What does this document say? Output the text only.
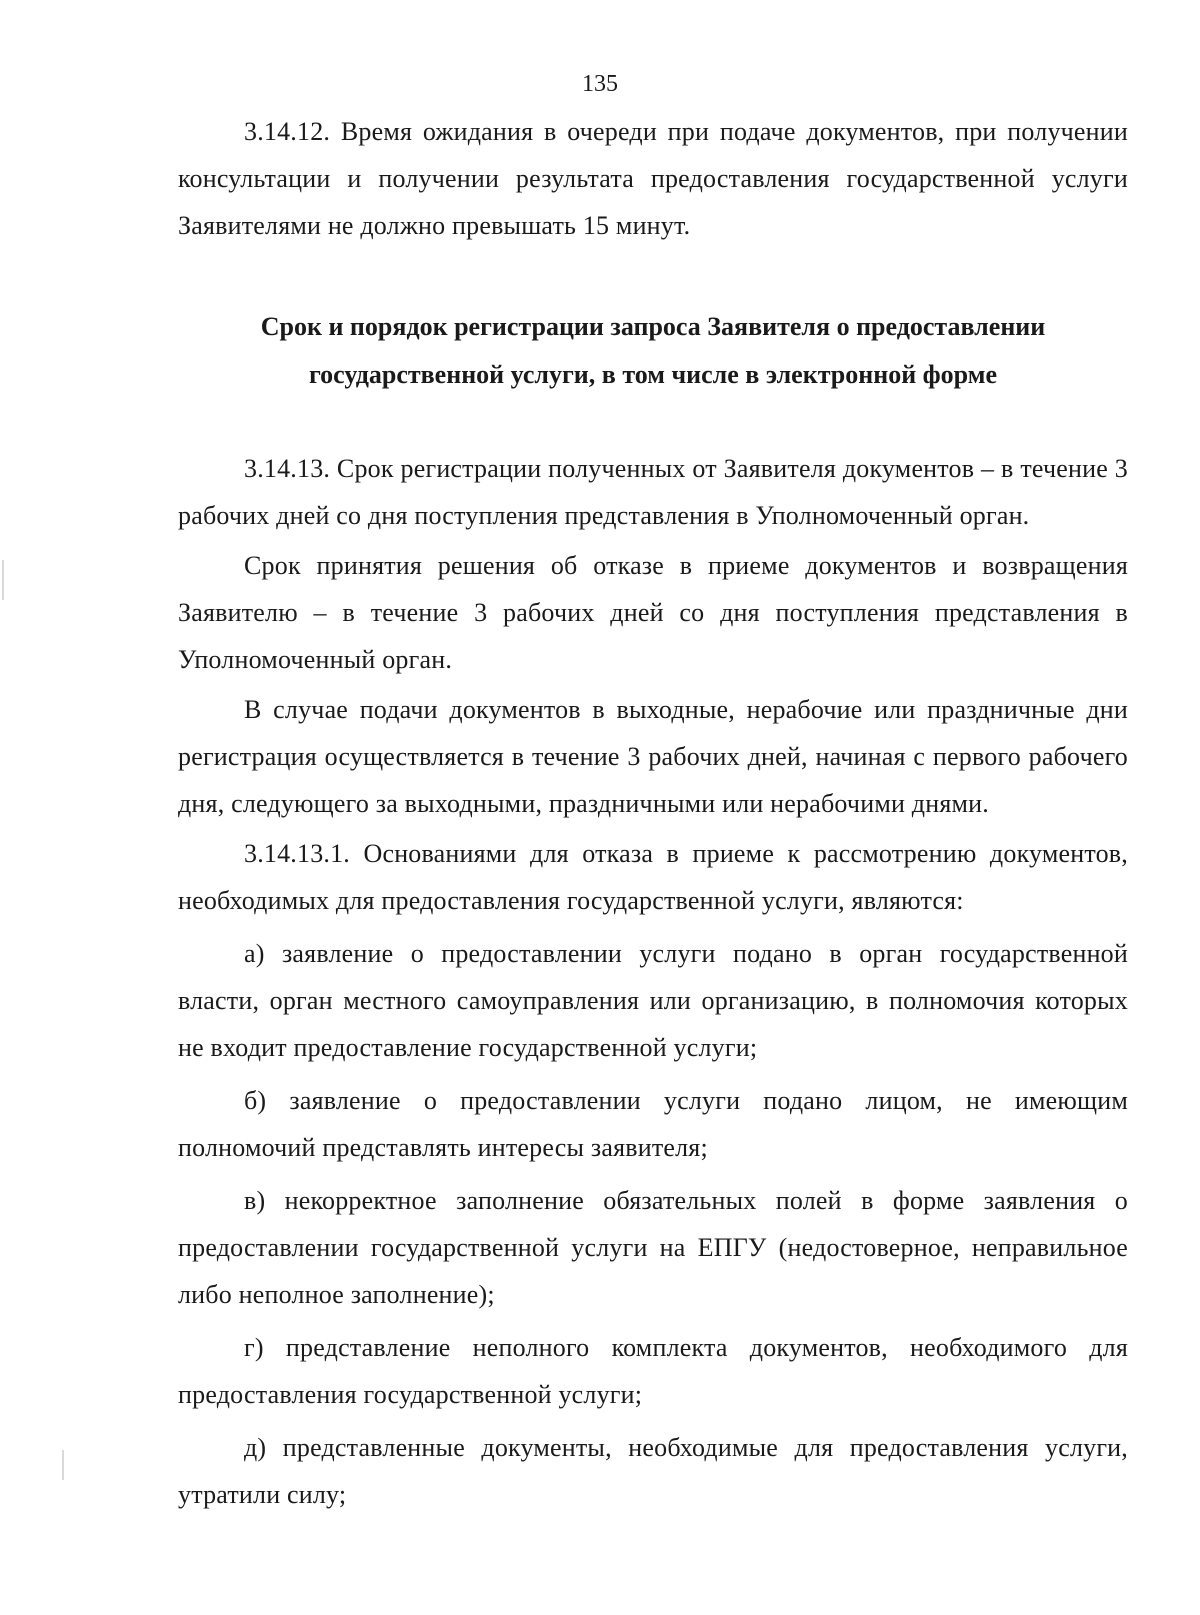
135

3.14.12. Время ожидания в очереди при подаче документов, при получении консультации и получении результата предоставления государственной услуги Заявителями не должно превышать 15 минут.

Срок и порядок регистрации запроса Заявителя о предоставлении
государственной услуги, в том числе в электронной форме

3.14.13. Срок регистрации полученных от Заявителя документов – в течение 3 рабочих дней со дня поступления представления в Уполномоченный орган.

Срок принятия решения об отказе в приеме документов и возвращения Заявителю – в течение 3 рабочих дней со дня поступления представления в Уполномоченный орган.

В случае подачи документов в выходные, нерабочие или праздничные дни регистрация осуществляется в течение 3 рабочих дней, начиная с первого рабочего дня, следующего за выходными, праздничными или нерабочими днями.

3.14.13.1. Основаниями для отказа в приеме к рассмотрению документов, необходимых для предоставления государственной услуги, являются:

а) заявление о предоставлении услуги подано в орган государственной власти, орган местного самоуправления или организацию, в полномочия которых не входит предоставление государственной услуги;

б) заявление о предоставлении услуги подано лицом, не имеющим полномочий представлять интересы заявителя;

в) некорректное заполнение обязательных полей в форме заявления о предоставлении государственной услуги на ЕПГУ (недостоверное, неправильное либо неполное заполнение);

г) представление неполного комплекта документов, необходимого для предоставления государственной услуги;

д) представленные документы, необходимые для предоставления услуги, утратили силу;
